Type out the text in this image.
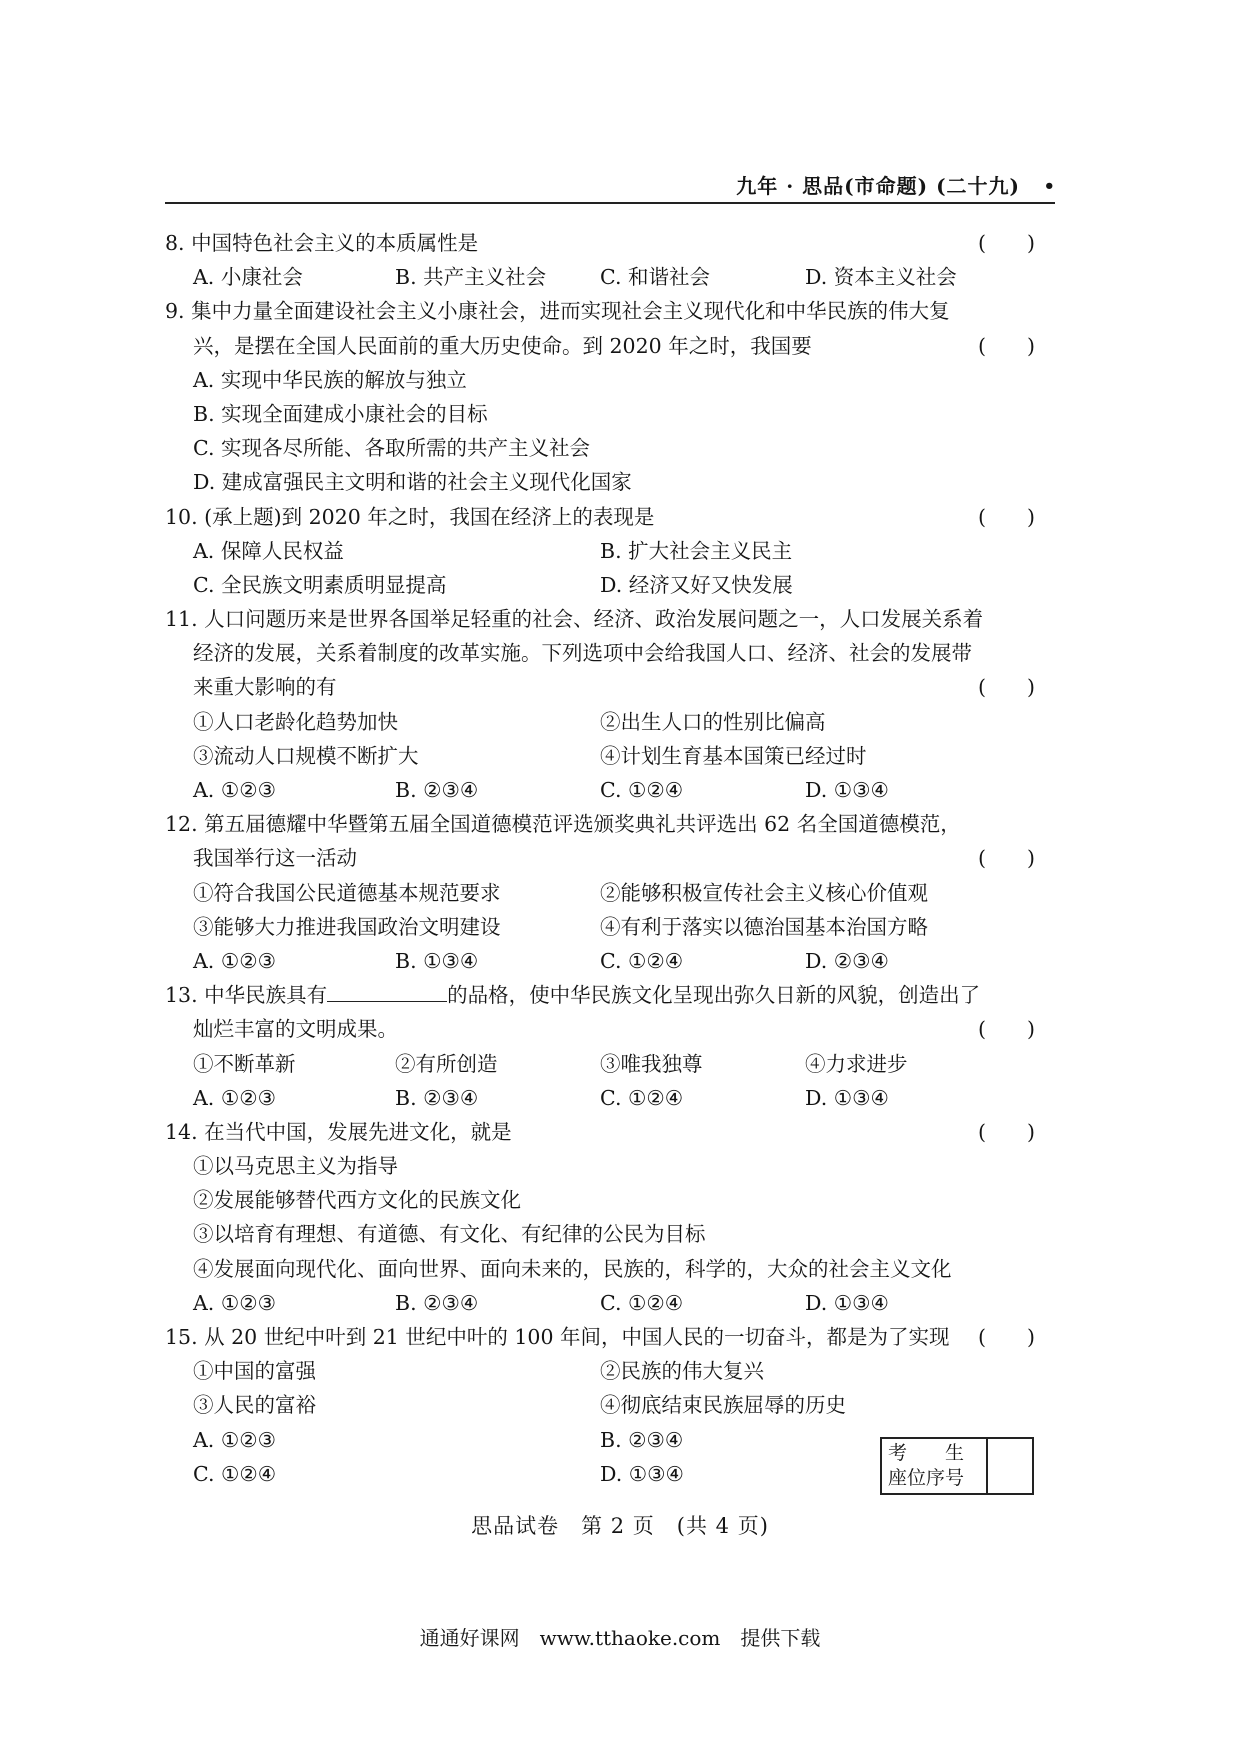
九年 · 思品(市命题) (二十九) •
8. 中国特色社会主义的本质属性是	(　　)
A. 小康社会	B. 共产主义社会	C. 和谐社会	D. 资本主义社会
9. 集中力量全面建设社会主义小康社会，进而实现社会主义现代化和中华民族的伟大复
兴，是摆在全国人民面前的重大历史使命。到 2020 年之时，我国要	(　　)
A. 实现中华民族的解放与独立
B. 实现全面建成小康社会的目标
C. 实现各尽所能、各取所需的共产主义社会
D. 建成富强民主文明和谐的社会主义现代化国家
10. (承上题)到 2020 年之时，我国在经济上的表现是	(　　)
A. 保障人民权益	B. 扩大社会主义民主
C. 全民族文明素质明显提高	D. 经济又好又快发展
11. 人口问题历来是世界各国举足轻重的社会、经济、政治发展问题之一，人口发展关系着
经济的发展，关系着制度的改革实施。下列选项中会给我国人口、经济、社会的发展带
来重大影响的有	(　　)
①人口老龄化趋势加快	②出生人口的性别比偏高
③流动人口规模不断扩大	④计划生育基本国策已经过时
A. ①②③	B. ②③④	C. ①②④	D. ①③④
12. 第五届德耀中华暨第五届全国道德模范评选颁奖典礼共评选出 62 名全国道德模范，
我国举行这一活动	(　　)
①符合我国公民道德基本规范要求	②能够积极宣传社会主义核心价值观
③能够大力推进我国政治文明建设	④有利于落实以德治国基本治国方略
A. ①②③	B. ①③④	C. ①②④	D. ②③④
13. 中华民族具有	的品格，使中华民族文化呈现出弥久日新的风貌，创造出了
灿烂丰富的文明成果。	(　　)
①不断革新	②有所创造	③唯我独尊	④力求进步
A. ①②③	B. ②③④	C. ①②④	D. ①③④
14. 在当代中国，发展先进文化，就是	(　　)
①以马克思主义为指导
②发展能够替代西方文化的民族文化
③以培育有理想、有道德、有文化、有纪律的公民为目标
④发展面向现代化、面向世界、面向未来的，民族的，科学的，大众的社会主义文化
A. ①②③	B. ②③④	C. ①②④	D. ①③④
15. 从 20 世纪中叶到 21 世纪中叶的 100 年间，中国人民的一切奋斗，都是为了实现 (　　)
①中国的富强	②民族的伟大复兴
③人民的富裕	④彻底结束民族屈辱的历史
A. ①②③	B. ②③④
C. ①②④	D. ①③④
考　　生
座位序号
思品试卷　第 2 页　(共 4 页)
通通好课网　www.tthaoke.com　提供下载
